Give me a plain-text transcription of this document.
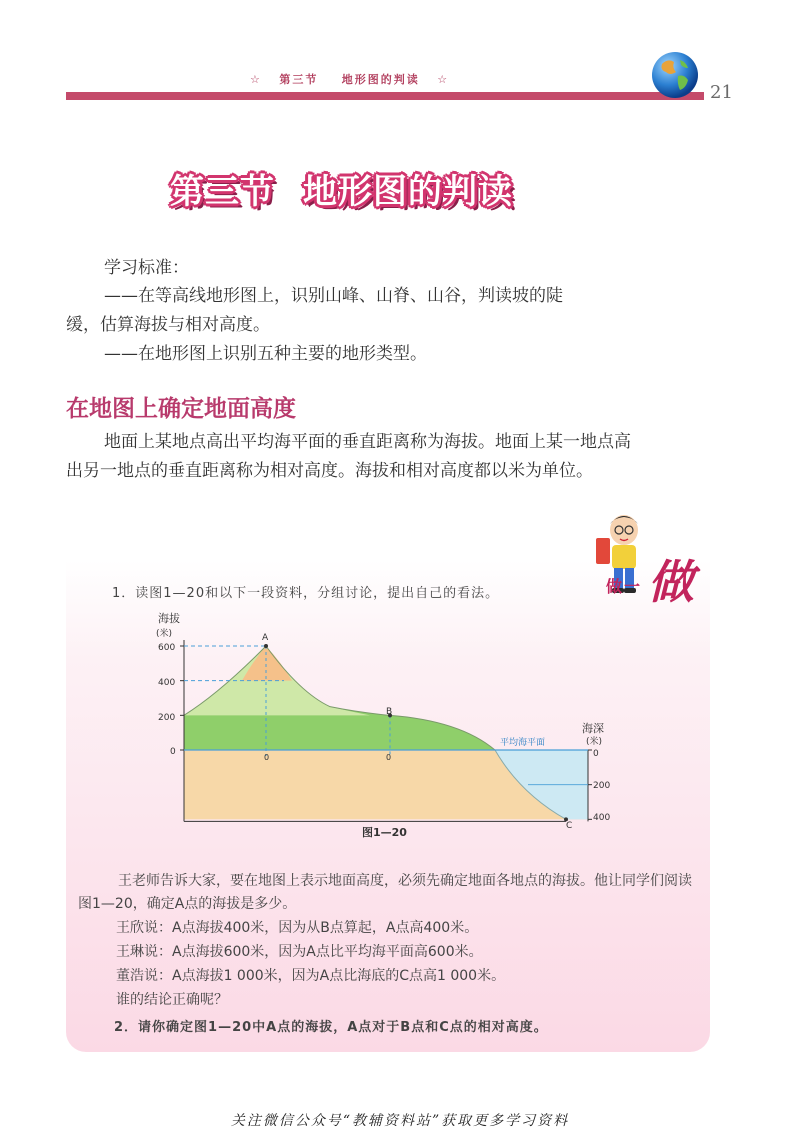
☆ 第三节 地形图的判读 ☆
21
第三节 地形图的判读
学习标准：
——在等高线地形图上，识别山峰、山脊、山谷，判读坡的陡
缓，估算海拔与相对高度。
——在地形图上识别五种主要的地形类型。
在地图上确定地面高度
地面上某地点高出平均海平面的垂直距离称为海拔。地面上某一地点高出另一地点的垂直距离称为相对高度。海拔和相对高度都以米为单位。
做 一 做
1．读图1—20和以下一段资料，分组讨论，提出自己的看法。
海拔
(米)
海深
(米)
平均海平面
600
400
200
0	0
200
400
A
B
C
0	0
图1—20
王老师告诉大家，要在地图上表示地面高度，必须先确定地面各地点的海拔。他让同学们阅读图1—20，确定A点的海拔是多少。
王欣说：A点海拔400米，因为从B点算起，A点高400米。
王琳说：A点海拔600米，因为A点比平均海平面高600米。
董浩说：A点海拔1 000米，因为A点比海底的C点高1 000米。
谁的结论正确呢？
2．请你确定图1—20中A点的海拔，A点对于B点和C点的相对高度。
关注微信公众号“教辅资料站”获取更多学习资料
